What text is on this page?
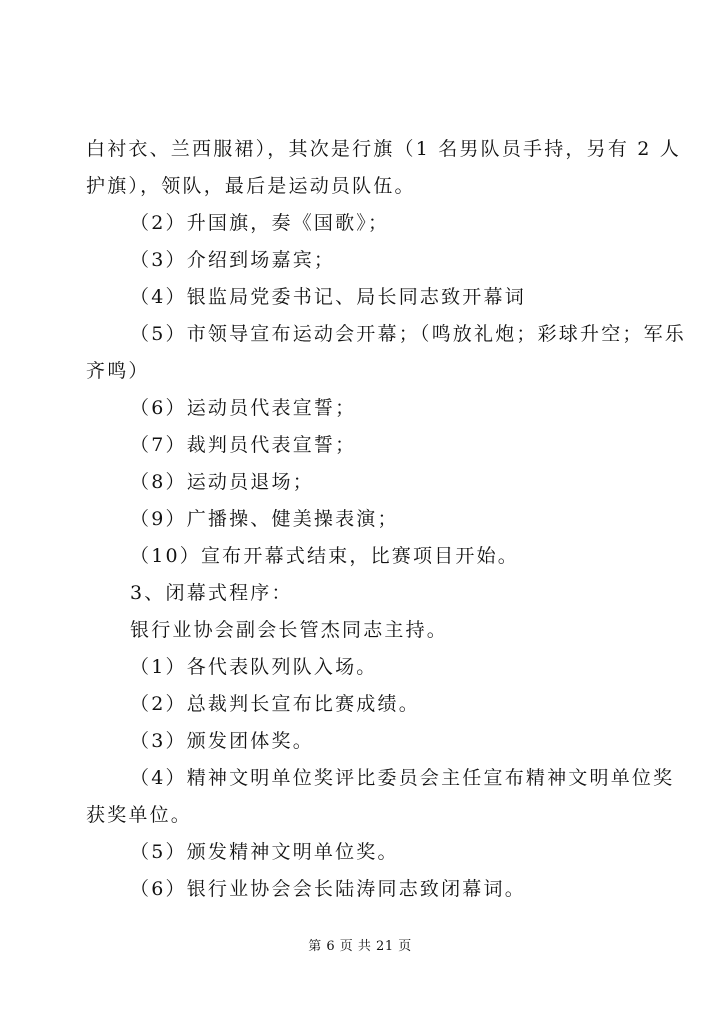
白衬衣、兰西服裙），其次是行旗（1 名男队员手持，另有 2 人
护旗），领队，最后是运动员队伍。
（2）升国旗，奏《国歌》；
（3）介绍到场嘉宾；
（4）银监局党委书记、局长同志致开幕词
（5）市领导宣布运动会开幕；（鸣放礼炮；彩球升空；军乐
齐鸣）
（6）运动员代表宣誓；
（7）裁判员代表宣誓；
（8）运动员退场；
（9）广播操、健美操表演；
（10）宣布开幕式结束，比赛项目开始。
3、闭幕式程序：
银行业协会副会长管杰同志主持。
（1）各代表队列队入场。
（2）总裁判长宣布比赛成绩。
（3）颁发团体奖。
（4）精神文明单位奖评比委员会主任宣布精神文明单位奖
获奖单位。
（5）颁发精神文明单位奖。
（6）银行业协会会长陆涛同志致闭幕词。
第 6 页 共 21 页
